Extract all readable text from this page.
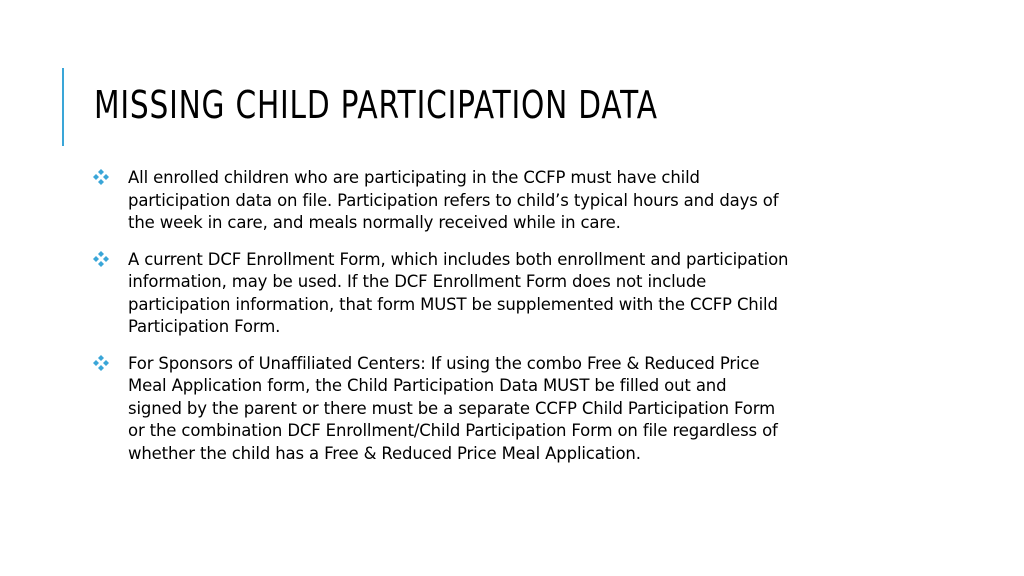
MISSING CHILD PARTICIPATION DATA
All enrolled children who are participating in the CCFP must have child
participation data on file. Participation refers to child’s typical hours and days of
the week in care, and meals normally received while in care.
A current DCF Enrollment Form, which includes both enrollment and participation
information, may be used. If the DCF Enrollment Form does not include
participation information, that form MUST be supplemented with the CCFP Child
Participation Form.
For Sponsors of Unaffiliated Centers: If using the combo Free & Reduced Price
Meal Application form, the Child Participation Data MUST be filled out and
signed by the parent or there must be a separate CCFP Child Participation Form
or the combination DCF Enrollment/Child Participation Form on file regardless of
whether the child has a Free & Reduced Price Meal Application.
